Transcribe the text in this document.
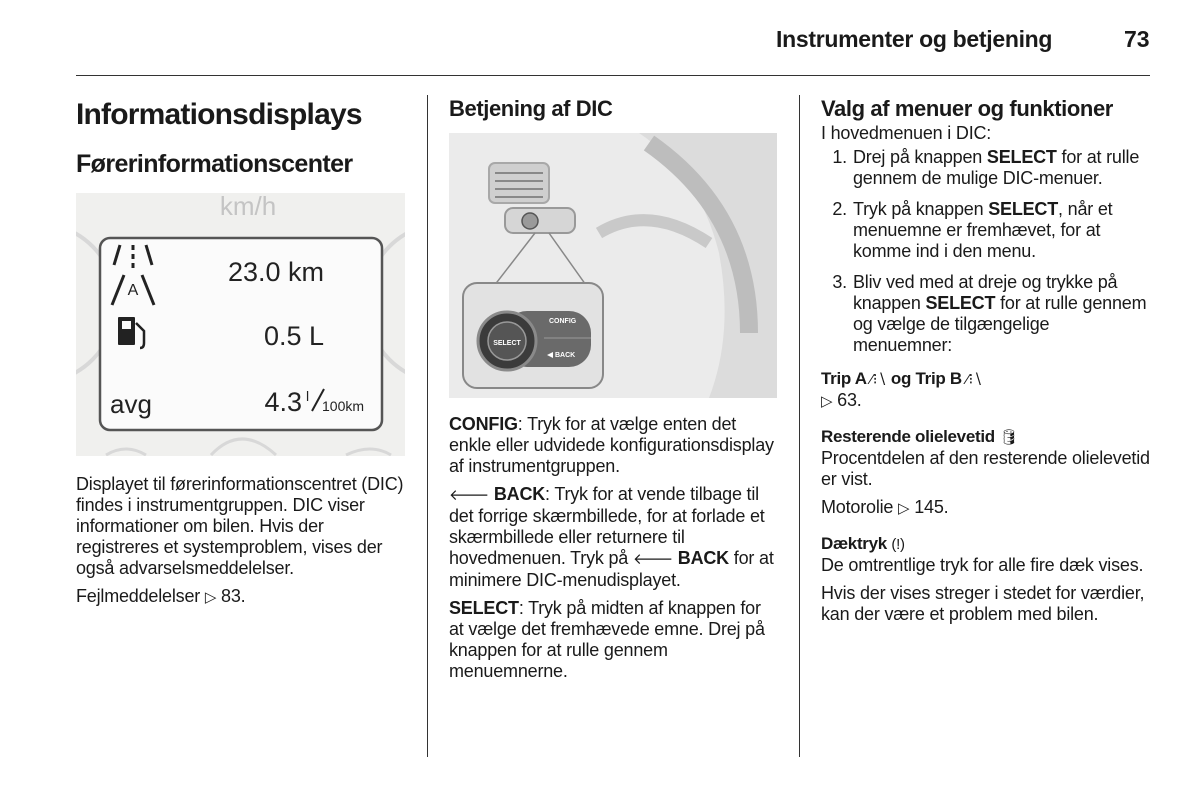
Instrumenter og betjening	73
Informationsdisplays
Førerinformationscenter
km/h
A
23.0 km
0.5 L
avg	4.3 l
100km

Displayet til førerinformationscentret (DIC) findes i instrumentgruppen. DIC viser informationer om bilen. Hvis der registreres et systemproblem, vises der også advarselsmeddelelser.

Fejlmeddelelser ▷ 83.

Betjening af DIC
SELECT
CONFIG
BACK

CONFIG: Tryk for at vælge enten det enkle eller udvidede konfigurationsdisplay af instrumentgruppen.

🡐 BACK: Tryk for at vende tilbage til det forrige skærmbillede, for at forlade et skærmbillede eller returnere til hovedmenuen. Tryk på 🡐 BACK for at minimere DIC-menudisplayet.

SELECT: Tryk på midten af knappen for at vælge det fremhævede emne. Drej på knappen for at rulle gennem menuemnerne.

Valg af menuer og funktioner

I hovedmenuen i DIC:

1. Drej på knappen SELECT for at rulle gennem de mulige DIC-menuer.
2. Tryk på knappen SELECT, når et menuemne er fremhævet, for at komme ind i den menu.
3. Bliv ved med at dreje og trykke på knappen SELECT for at rulle gennem og vælge de tilgængelige menuemner:
Trip A ⁄⁝∖ og Trip B ⁄⁝∖

▷ 63.

Resterende olielevetid 🛢

Procentdelen af den resterende olielevetid er vist.

Motorolie ▷ 145.

Dæktryk (!)

De omtrentlige tryk for alle fire dæk vises.

Hvis der vises streger i stedet for værdier, kan der være et problem med bilen.
